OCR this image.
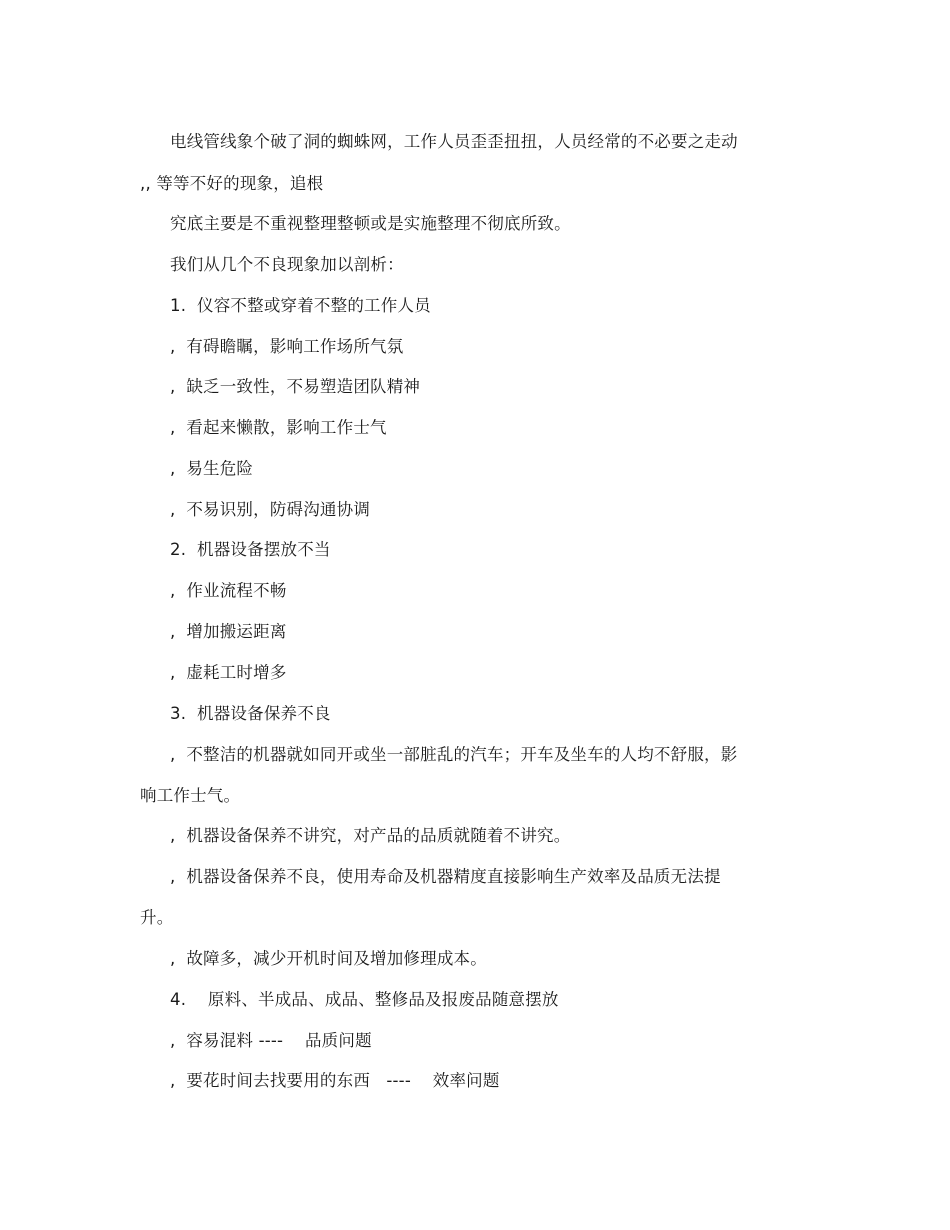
电线管线象个破了洞的蜘蛛网，工作人员歪歪扭扭，人员经常的不必要之走动
,, 等等不好的现象，追根
究底主要是不重视整理整顿或是实施整理不彻底所致。
我们从几个不良现象加以剖析：
1.  仪容不整或穿着不整的工作人员
,  有碍瞻瞩，影响工作场所气氛
,  缺乏一致性，不易塑造团队精神
,  看起来懒散，影响工作士气
,  易生危险
,  不易识别，防碍沟通协调
2.  机器设备摆放不当
,  作业流程不畅
,  增加搬运距离
,  虚耗工时增多
3.  机器设备保养不良
,  不整洁的机器就如同开或坐一部脏乱的汽车；开车及坐车的人均不舒服，影
响工作士气。
,  机器设备保养不讲究，对产品的品质就随着不讲究。
,  机器设备保养不良，使用寿命及机器精度直接影响生产效率及品质无法提
升。
,  故障多，减少开机时间及增加修理成本。
4.    原料、半成品、成品、整修品及报废品随意摆放
,  容易混料 ----    品质问题
,  要花时间去找要用的东西   ----    效率问题
